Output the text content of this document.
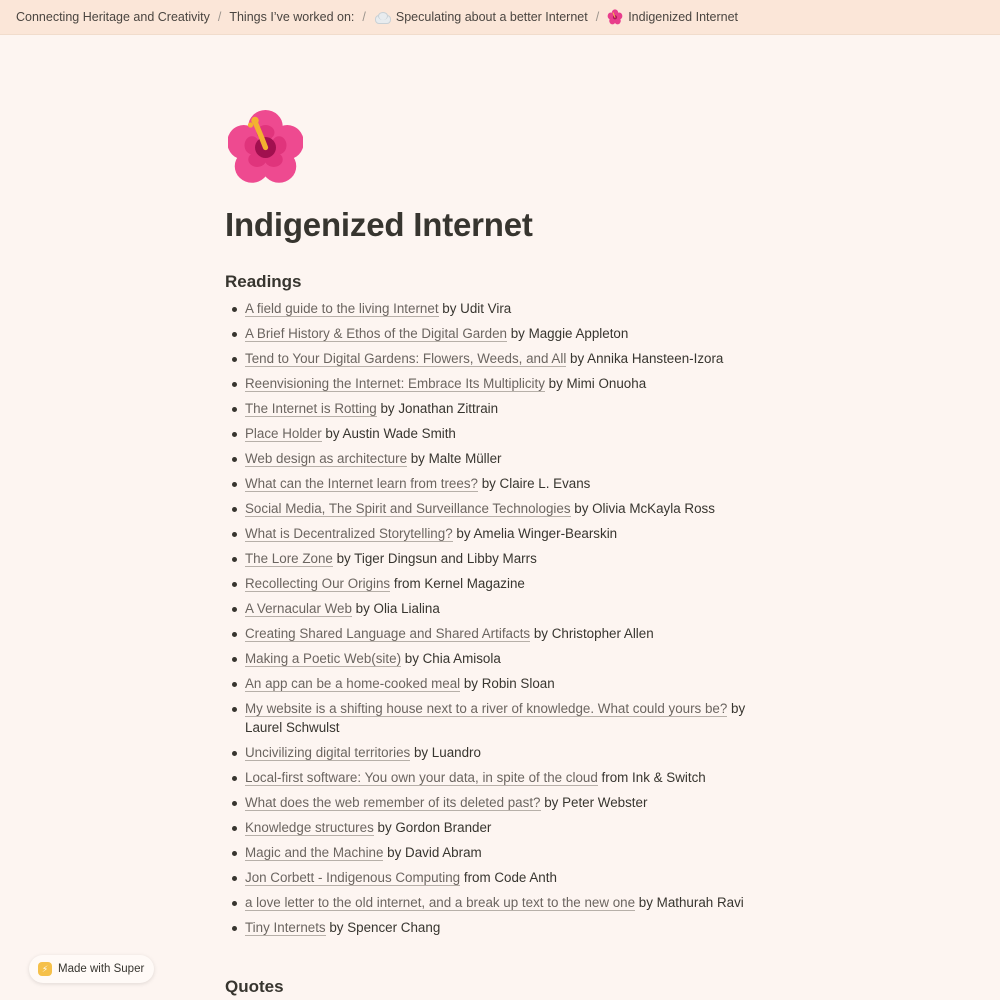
Connecting Heritage and Creativity / Things I’ve worked on: / Speculating about a better Internet / Indigenized Internet
Indigenized Internet
Readings
A field guide to the living Internet by Udit Vira
A Brief History & Ethos of the Digital Garden by Maggie Appleton
Tend to Your Digital Gardens: Flowers, Weeds, and All by Annika Hansteen-Izora
Reenvisioning the Internet: Embrace Its Multiplicity by Mimi Onuoha
The Internet is Rotting by Jonathan Zittrain
Place Holder by Austin Wade Smith
Web design as architecture by Malte Müller
What can the Internet learn from trees? by Claire L. Evans
Social Media, The Spirit and Surveillance Technologies by Olivia McKayla Ross
What is Decentralized Storytelling? by Amelia Winger-Bearskin
The Lore Zone by Tiger Dingsun and Libby Marrs
Recollecting Our Origins from Kernel Magazine
A Vernacular Web by Olia Lialina
Creating Shared Language and Shared Artifacts by Christopher Allen
Making a Poetic Web(site) by Chia Amisola
An app can be a home-cooked meal by Robin Sloan
My website is a shifting house next to a river of knowledge. What could yours be? by Laurel Schwulst
Uncivilizing digital territories by Luandro
Local-first software: You own your data, in spite of the cloud from Ink & Switch
What does the web remember of its deleted past? by Peter Webster
Knowledge structures by Gordon Brander
Magic and the Machine by David Abram
Jon Corbett - Indigenous Computing from Code Anth
a love letter to the old internet, and a break up text to the new one by Mathurah Ravi
Tiny Internets by Spencer Chang
Quotes
⚡ Made with Super
